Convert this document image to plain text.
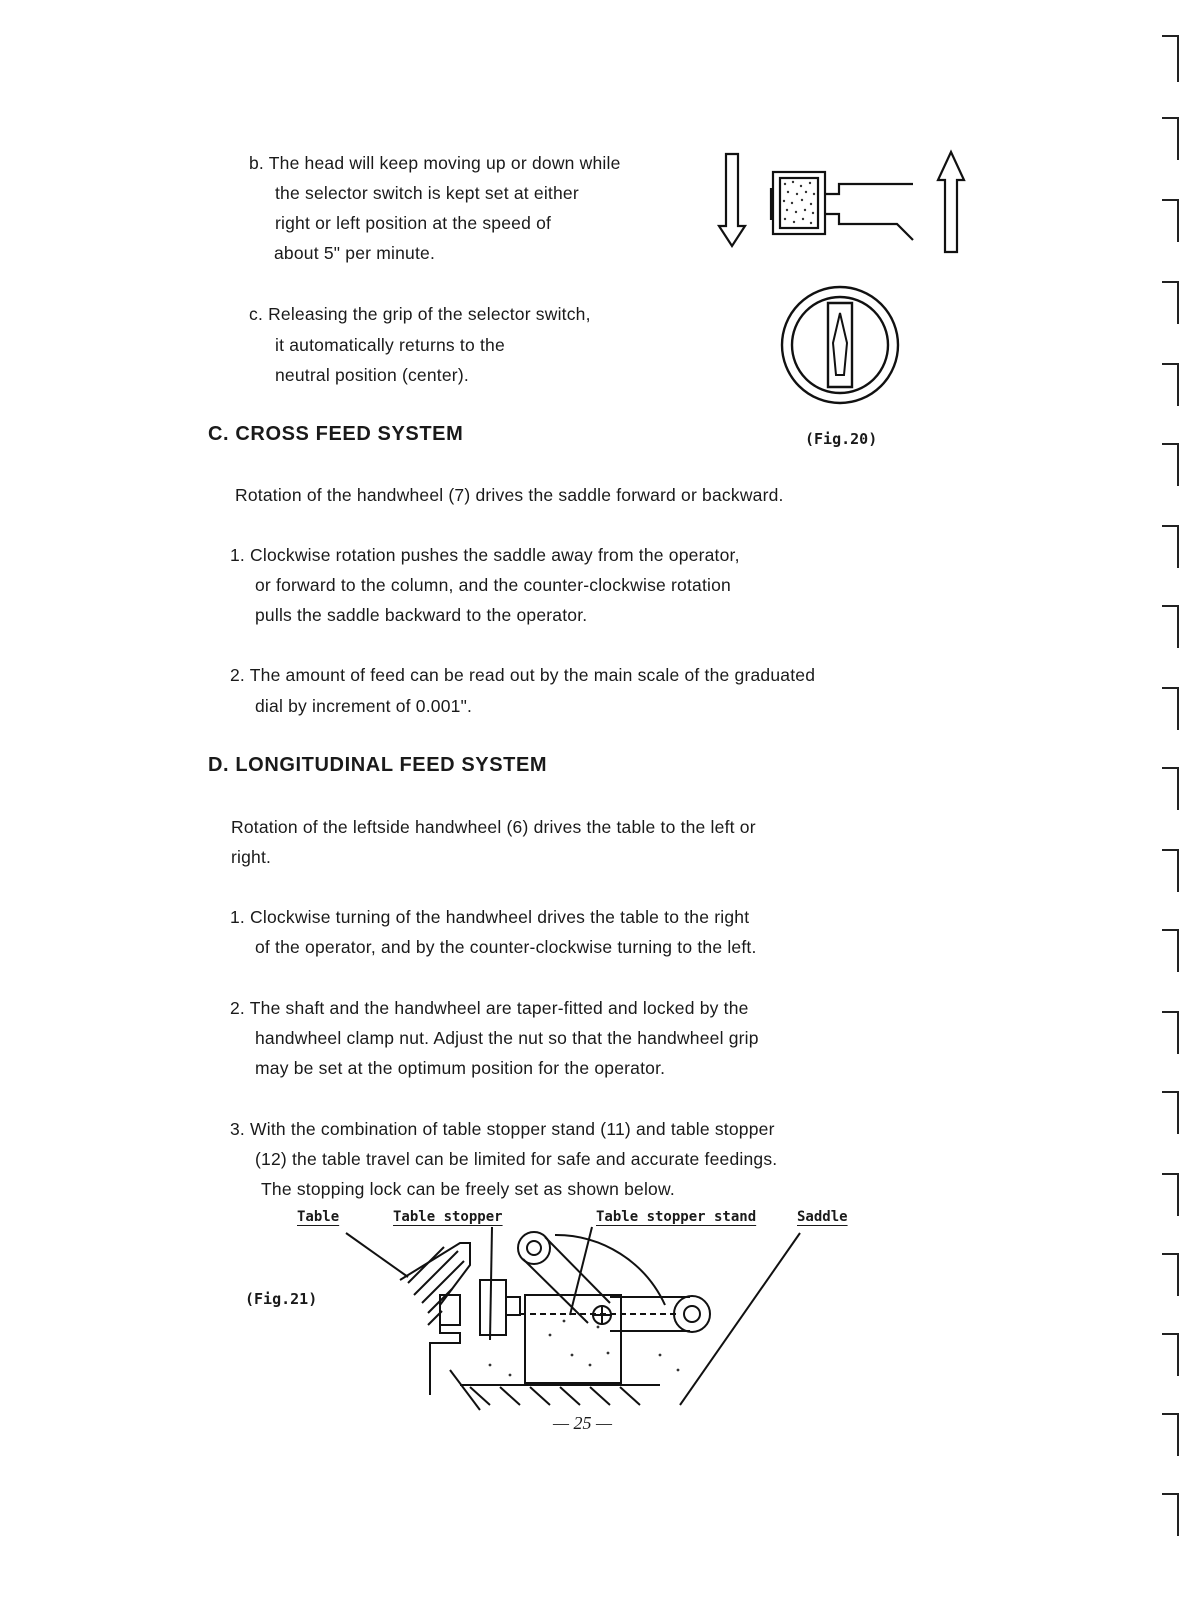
b. The head will keep moving up or down while
the selector switch is kept set at either
right or left position at the speed of
about 5" per minute.
c. Releasing the grip of the selector switch,
it automatically returns to the
neutral position (center).
C. CROSS FEED SYSTEM	(Fig.20)
Rotation of the handwheel (7) drives the saddle forward or backward.
1. Clockwise rotation pushes the saddle away from the operator,
or forward to the column, and the counter-clockwise rotation
pulls the saddle backward to the operator.
2. The amount of feed can be read out by the main scale of the graduated
dial by increment of 0.001".
D. LONGITUDINAL FEED SYSTEM
Rotation of the leftside handwheel (6) drives the table to the left or
right.
1. Clockwise turning of the handwheel drives the table to the right
of the operator, and by the counter-clockwise turning to the left.
2. The shaft and the handwheel are taper-fitted and locked by the
handwheel clamp nut. Adjust the nut so that the handwheel grip
may be set at the optimum position for the operator.
3. With the combination of table stopper stand (11) and table stopper
(12) the table travel can be limited for safe and accurate feedings.
The stopping lock can be freely set as shown below.
Table	Table stopper	Table stopper stand	Saddle
(Fig.21)
— 25 —
